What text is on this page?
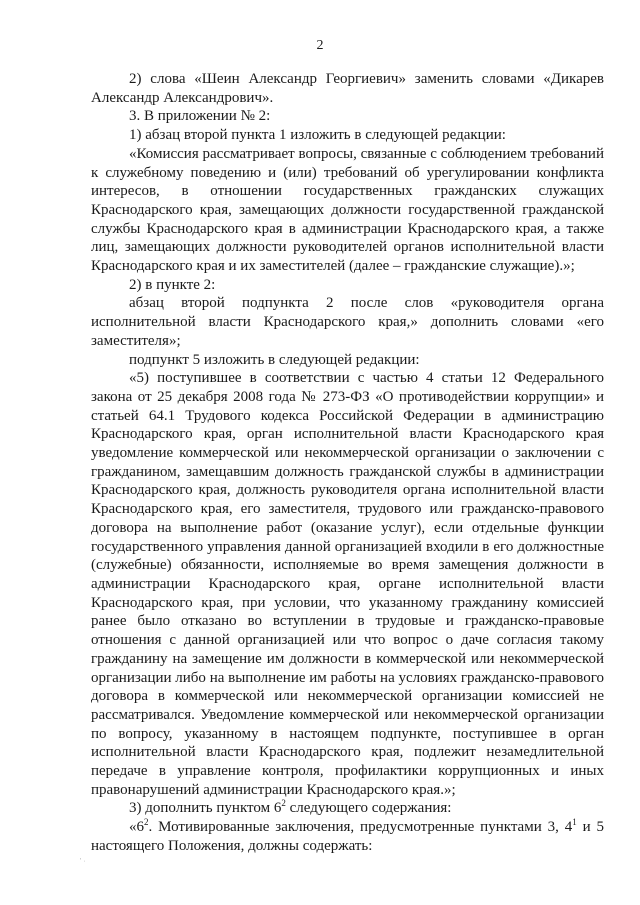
2

2) слова «Шеин Александр Георгиевич» заменить словами «Дикарев Александр Александрович».

3. В приложении № 2:

1) абзац второй пункта 1 изложить в следующей редакции:

«Комиссия рассматривает вопросы, связанные с соблюдением требований к служебному поведению и (или) требований об урегулировании конфликта интересов, в отношении государственных гражданских служащих Краснодарского края, замещающих должности государственной гражданской службы Краснодарского края в администрации Краснодарского края, а также лиц, замещающих должности руководителей органов исполнительной власти Краснодарского края и их заместителей (далее – гражданские служащие).»;

2) в пункте 2:

абзац второй подпункта 2 после слов «руководителя органа исполнительной власти Краснодарского края,» дополнить словами «его заместителя»;

подпункт 5 изложить в следующей редакции:

«5) поступившее в соответствии с частью 4 статьи 12 Федерального закона от 25 декабря 2008 года № 273-ФЗ «О противодействии коррупции» и статьей 64.1 Трудового кодекса Российской Федерации в администрацию Краснодарского края, орган исполнительной власти Краснодарского края уведомление коммерческой или некоммерческой организации о заключении с гражданином, замещавшим должность гражданской службы в администрации Краснодарского края, должность руководителя органа исполнительной власти Краснодарского края, его заместителя, трудового или гражданско-правового договора на выполнение работ (оказание услуг), если отдельные функции государственного управления данной организацией входили в его должностные (служебные) обязанности, исполняемые во время замещения должности в администрации Краснодарского края, органе исполнительной власти Краснодарского края, при условии, что указанному гражданину комиссией ранее было отказано во вступлении в трудовые и гражданско-правовые отношения с данной организацией или что вопрос о даче согласия такому гражданину на замещение им должности в коммерческой или некоммерческой организации либо на выполнение им работы на условиях гражданско-правового договора в коммерческой или некоммерческой организации комиссией не рассматривался. Уведомление коммерческой или некоммерческой организации по вопросу, указанному в настоящем подпункте, поступившее в орган исполнительной власти Краснодарского края, подлежит незамедлительной передаче в управление контроля, профилактики коррупционных и иных правонарушений администрации Краснодарского края.»;

3) дополнить пунктом $6^2$ следующего содержания:

«$6^2$. Мотивированные заключения, предусмотренные пунктами 3, $4^1$ и 5 настоящего Положения, должны содержать:

' ·
